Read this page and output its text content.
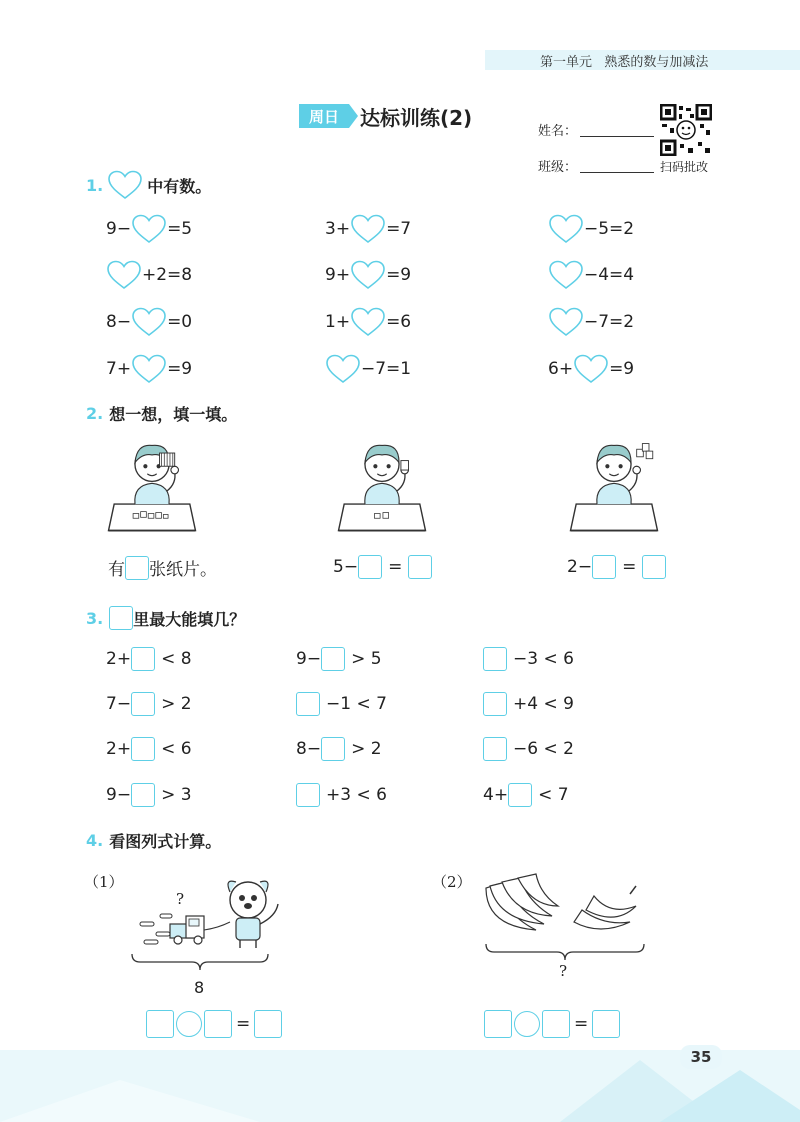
第一单元 熟悉的数与加减法
周日	达标训练(2)
姓名：
班级：	扫码批改
1.	中有数。
9− =5	3+ =7	−5=2
+2=8	9+ =9	−4=4
8− =0	1+ =6	−7=2
7+ =9	−7=1	6+ =9
2. 想一想，填一填。
有 张纸片。	5− =	2− =
3. 里最大能填几？
2+ < 8	9− > 5	−3 < 6
7− > 2	−1 < 7	+4 < 9
2+ < 6	8− > 2	−6 < 2
9− > 3	+3 < 6	4+ < 7
4. 看图列式计算。
（1）
?
8
=
（2）
?
=
35
